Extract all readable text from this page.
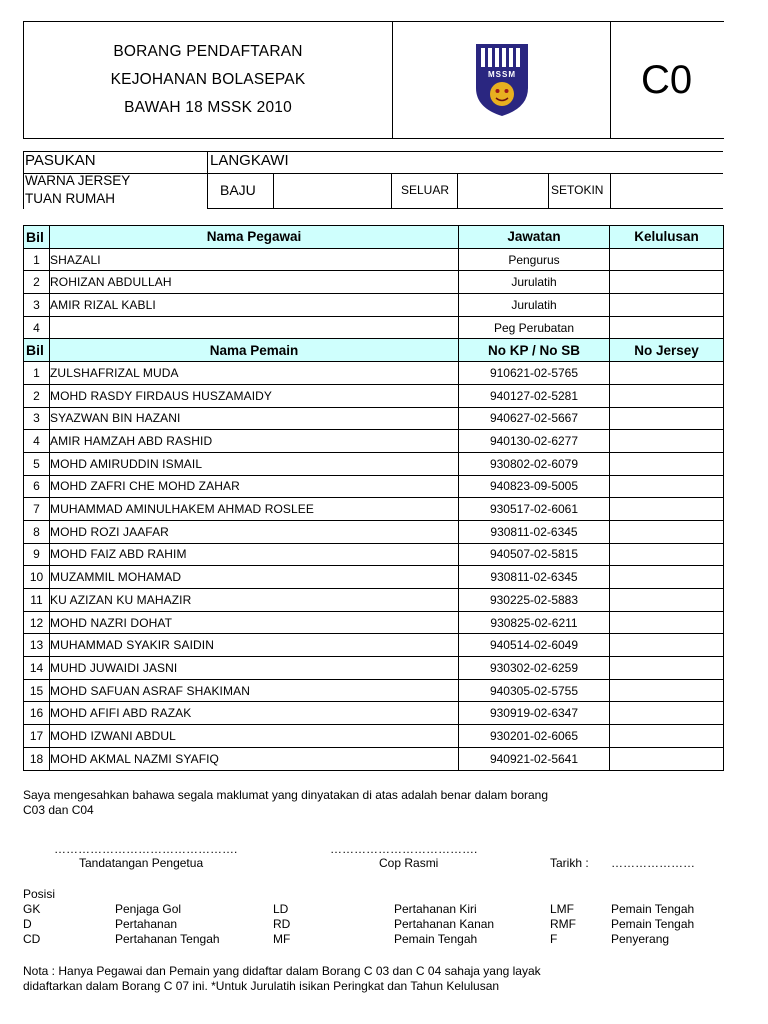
BORANG PENDAFTARAN
KEJOHANAN BOLASEPAK
BAWAH 18 MSSK 2010
MSSM	C0
PASUKAN	LANGKAWI
WARNA JERSEY
TUAN RUMAH
BAJU	SELUAR	SETOKIN
Bil	Nama Pegawai	Jawatan	Kelulusan
1	SHAZALI	Pengurus	
2	ROHIZAN ABDULLAH	Jurulatih	
3	AMIR RIZAL KABLI	Jurulatih	
4		Peg Perubatan	
Bil	Nama Pemain	No KP / No SB	No Jersey
1	ZULSHAFRIZAL MUDA	910621-02-5765	
2	MOHD RASDY FIRDAUS HUSZAMAIDY	940127-02-5281	
3	SYAZWAN BIN HAZANI	940627-02-5667	
4	AMIR HAMZAH ABD RASHID	940130-02-6277	
5	MOHD AMIRUDDIN ISMAIL	930802-02-6079	
6	MOHD ZAFRI CHE MOHD ZAHAR	940823-09-5005	
7	MUHAMMAD AMINULHAKEM AHMAD ROSLEE	930517-02-6061	
8	MOHD ROZI JAAFAR	930811-02-6345	
9	MOHD FAIZ ABD RAHIM	940507-02-5815	
10	MUZAMMIL MOHAMAD	930811-02-6345	
11	KU AZIZAN KU MAHAZIR	930225-02-5883	
12	MOHD NAZRI DOHAT	930825-02-6211	
13	MUHAMMAD SYAKIR SAIDIN	940514-02-6049	
14	MUHD JUWAIDI JASNI	930302-02-6259	
15	MOHD SAFUAN ASRAF SHAKIMAN	940305-02-5755	
16	MOHD AFIFI ABD RAZAK	930919-02-6347	
17	MOHD IZWANI ABDUL	930201-02-6065	
18	MOHD AKMAL NAZMI SYAFIQ	940921-02-5641	
Saya mengesahkan bahawa segala maklumat yang dinyatakan di atas adalah benar dalam borang
C03 dan C04
……………………………………….	……………………………….
Tandatangan Pengetua	Cop Rasmi	Tarikh : …………………
Posisi
GK	Penjaga Gol	LD	Pertahanan Kiri	LMF	Pemain Tengah
D	Pertahanan	RD	Pertahanan Kanan	RMF	Pemain Tengah
CD	Pertahanan Tengah	MF	Pemain Tengah	F	Penyerang
Nota : Hanya Pegawai dan Pemain yang didaftar dalam Borang C 03 dan C 04 sahaja yang layak
didaftarkan dalam Borang C 07 ini. *Untuk Jurulatih isikan Peringkat dan Tahun Kelulusan
